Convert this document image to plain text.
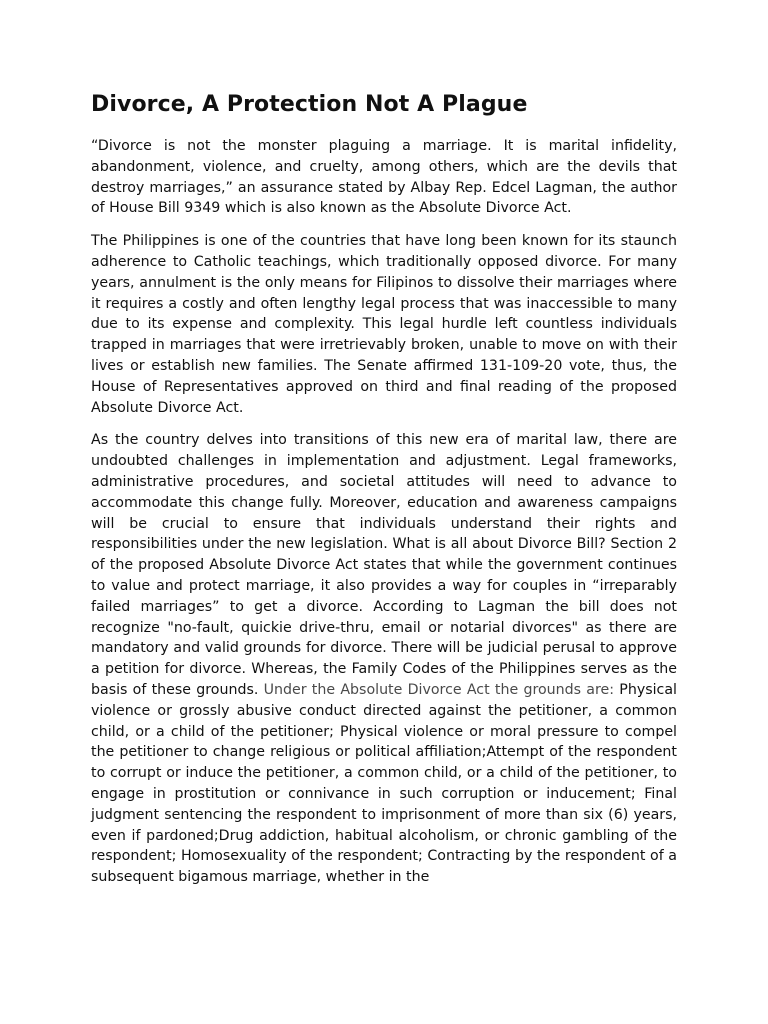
Divorce, A Protection Not A Plague

“Divorce is not the monster plaguing a marriage. It is marital infidelity, abandonment, violence, and cruelty, among others, which are the devils that destroy marriages,” an assurance stated by Albay Rep. Edcel Lagman, the author of House Bill 9349 which is also known as the Absolute Divorce Act.

The Philippines is one of the countries that have long been known for its staunch adherence to Catholic teachings, which traditionally opposed divorce. For many years, annulment is the only means for Filipinos to dissolve their marriages where it requires a costly and often lengthy legal process that was inaccessible to many due to its expense and complexity. This legal hurdle left countless individuals trapped in marriages that were irretrievably broken, unable to move on with their lives or establish new families. The Senate affirmed 131-109-20 vote, thus, the House of Representatives approved on third and final reading of the proposed Absolute Divorce Act.

As the country delves into transitions of this new era of marital law, there are undoubted challenges in implementation and adjustment. Legal frameworks, administrative procedures, and societal attitudes will need to advance to accommodate this change fully. Moreover, education and awareness campaigns will be crucial to ensure that individuals understand their rights and responsibilities under the new legislation. What is all about Divorce Bill? Section 2 of the proposed Absolute Divorce Act states that while the government continues to value and protect marriage, it also provides a way for couples in “irreparably failed marriages” to get a divorce. According to Lagman the bill does not recognize "no-fault, quickie drive-thru, email or notarial divorces" as there are mandatory and valid grounds for divorce. There will be judicial perusal to approve a petition for divorce. Whereas, the Family Codes of the Philippines serves as the basis of these grounds. Under the Absolute Divorce Act the grounds are: Physical violence or grossly abusive conduct directed against the petitioner, a common child, or a child of the petitioner; Physical violence or moral pressure to compel the petitioner to change religious or political affiliation;Attempt of the respondent to corrupt or induce the petitioner, a common child, or a child of the petitioner, to engage in prostitution or connivance in such corruption or inducement; Final judgment sentencing the respondent to imprisonment of more than six (6) years, even if pardoned;Drug addiction, habitual alcoholism, or chronic gambling of the respondent; Homosexuality of the respondent; Contracting by the respondent of a subsequent bigamous marriage, whether in the
